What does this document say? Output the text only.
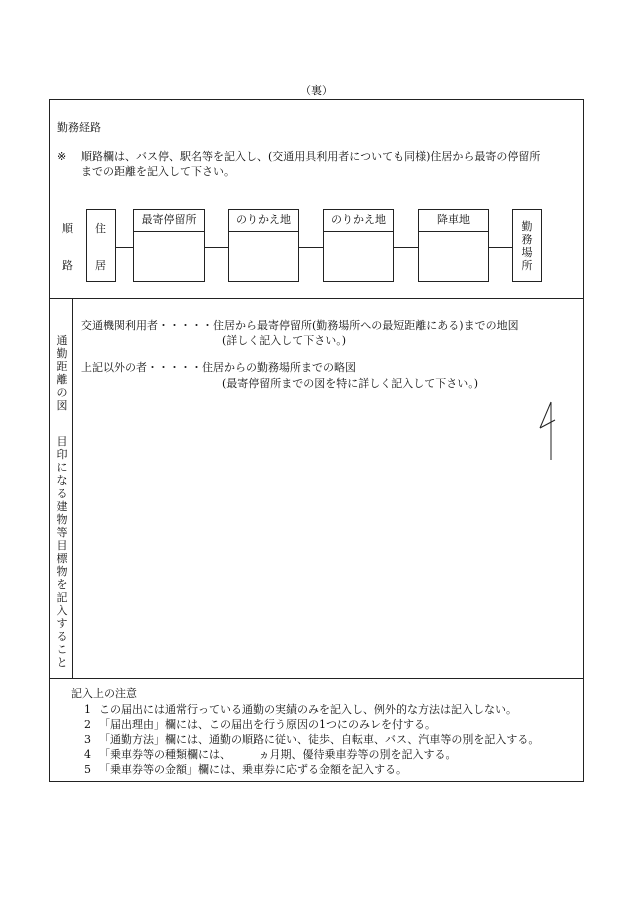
（裏）
勤務経路
※ 順路欄は、バス停、駅名等を記入し、(交通用具利用者についても同様)住居から最寄の停留所
までの距離を記入して下さい。
順
路
住
居
最寄停留所	のりかえ地	のりかえ地	降車地
勤務場所
通勤距離の図
目印になる建物等目標物を記入すること
交通機関利用者・・・・・住居から最寄停留所(勤務場所への最短距離にある)までの地図
(詳しく記入して下さい。)
上記以外の者・・・・・住居からの勤務場所までの略図
(最寄停留所までの図を特に詳しく記入して下さい。)
記入上の注意
1 この届出には通常行っている通勤の実績のみを記入し、例外的な方法は記入しない。
2 「届出理由」欄には、この届出を行う原因の1つにのみレを付する。
3 「通勤方法」欄には、通勤の順路に従い、徒歩、自転車、バス、汽車等の別を記入する。
4 「乗車券等の種類欄には、　　　ヵ月期、優待乗車券等の別を記入する。
5 「乗車券等の金額」欄には、乗車券に応ずる金額を記入する。
